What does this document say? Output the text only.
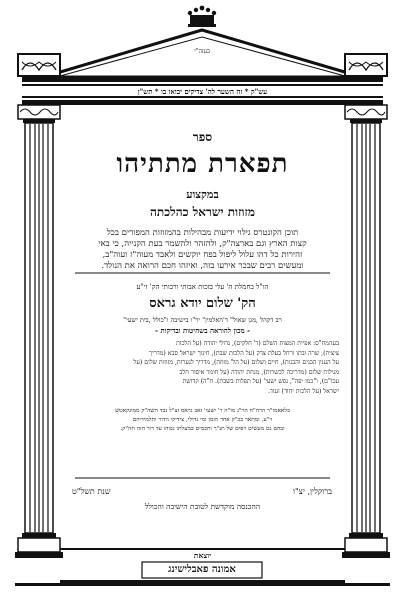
בעזה"י
עש"ק * זה השער לה' צדיקים יבואו בו * תש"ן
ספר
תפארת מתתיהו
במקצוע
מזוזות ישראל כהלכתה
תוכן הקונטרס גילוי ידיעות מבהילות בהמזוזות המפורים בכל
קצות הארץ וגם בארצה"ק, ולהזהר ולהשמר בעת הקנייה, כי באי
זהירות כל דהו עלול ליפול בפח יוקשים ולאבד מעוה"ז ועוה"ב,
ומעשים רבים שבכר אירעו בזה, ואיזהו חכם הרואה את הנולד.
הו"ל בחמלת ה' עלי בזכות אבותי ורבותי הק' זי"ע
הק' שלום יודא גראס
רב דקהל ,מגן שאול" ד'האלמין" יר"ו בישיבה ו"כולל ,בית ישעי"
- מכון להוראה בשחיטות ובדיקות -
בעהמח"ס: אפיית המצות השלם (ד' חלקים), גדולי יהודה (על הלכות
ציצית), שרה ובתו ורחל בעלת צדק (על הלכות שבת), חינוך ישראל סבא (מדריך
על הענין הבנים והבנות), חיים ושלום (על הל' מזוזה), מדריך לנערות, מזוזות שלום (על
מגילות שלום (מדריכה לכשרות), מנחת יהודה (על חומר איסור חלב
עכו"ם), ו"כמו יפה", נפש ישעי' (על תפלות בשבת). ח"ה) קדושת
ישראל (על הלכות יחוד) ועוד.
בלאאמו"ר הרה"ח הר"ג מו"ה ר' ישעי' זאב גראס זצ"ל נכד השה"ק ממונקאטש
זי"ע, ומתאר בכ"ק אחד הזמן ומי גדולי, צידיקי הדור ותלמידיהם
ובהם גם מעשים ויפים של תנ"ך וחכמים במעלתו גבוהו עד דור הזה חה"ק.
ברוקלין, יצ"ו
שנת תשל"ט
ההכנסה מוקדשת לטובת הישיבה והכולל
יוצאת
אמונה פאבלישינג
